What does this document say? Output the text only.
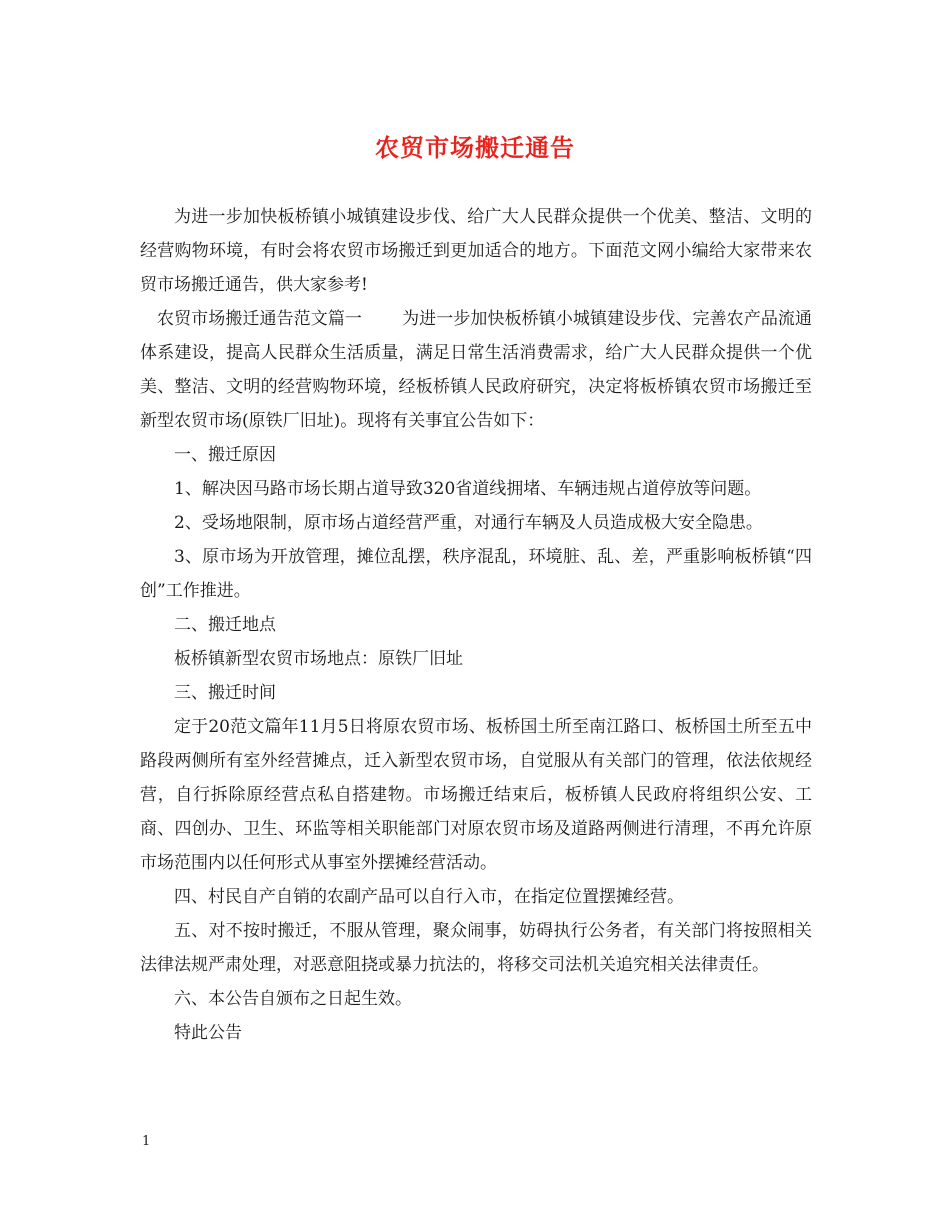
农贸市场搬迁通告

为进一步加快板桥镇小城镇建设步伐、给广大人民群众提供一个优美、整洁、文明的经营购物环境，有时会将农贸市场搬迁到更加适合的地方。下面范文网小编给大家带来农贸市场搬迁通告，供大家参考!

农贸市场搬迁通告范文篇一 为进一步加快板桥镇小城镇建设步伐、完善农产品流通体系建设，提高人民群众生活质量，满足日常生活消费需求，给广大人民群众提供一个优美、整洁、文明的经营购物环境，经板桥镇人民政府研究，决定将板桥镇农贸市场搬迁至新型农贸市场(原铁厂旧址)。现将有关事宜公告如下：

一、搬迁原因

1、解决因马路市场长期占道导致320省道线拥堵、车辆违规占道停放等问题。

2、受场地限制，原市场占道经营严重，对通行车辆及人员造成极大安全隐患。

3、原市场为开放管理，摊位乱摆，秩序混乱，环境脏、乱、差，严重影响板桥镇“四创”工作推进。

二、搬迁地点

板桥镇新型农贸市场地点：原铁厂旧址

三、搬迁时间

定于20范文篇年11月5日将原农贸市场、板桥国土所至南江路口、板桥国土所至五中路段两侧所有室外经营摊点，迁入新型农贸市场，自觉服从有关部门的管理，依法依规经营，自行拆除原经营点私自搭建物。市场搬迁结束后，板桥镇人民政府将组织公安、工商、四创办、卫生、环监等相关职能部门对原农贸市场及道路两侧进行清理，不再允许原市场范围内以任何形式从事室外摆摊经营活动。

四、村民自产自销的农副产品可以自行入市，在指定位置摆摊经营。

五、对不按时搬迁，不服从管理，聚众闹事，妨碍执行公务者，有关部门将按照相关法律法规严肃处理，对恶意阻挠或暴力抗法的，将移交司法机关追究相关法律责任。

六、本公告自颁布之日起生效。

特此公告

1
